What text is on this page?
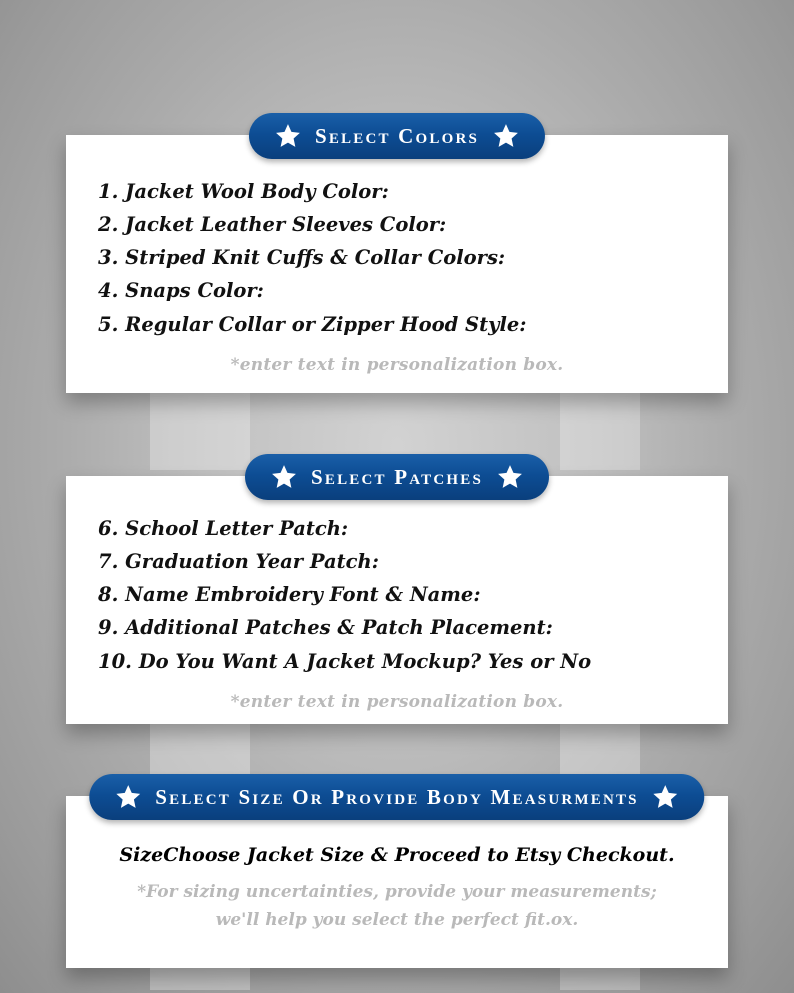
Select Colors
1. Jacket Wool Body Color:
2. Jacket Leather Sleeves Color:
3. Striped Knit Cuffs & Collar Colors:
4. Snaps Color:
5. Regular Collar or Zipper Hood Style:
*enter text in personalization box.
Select Patches
6. School Letter Patch:
7. Graduation Year Patch:
8. Name Embroidery Font & Name:
9. Additional Patches & Patch Placement:
10. Do You Want A Jacket Mockup? Yes or No
*enter text in personalization box.
Select Size Or Provide Body Measurments
SizeChoose Jacket Size & Proceed to Etsy Checkout.
*For sizing uncertainties, provide your measurements; we'll help you select the perfect fit.ox.
